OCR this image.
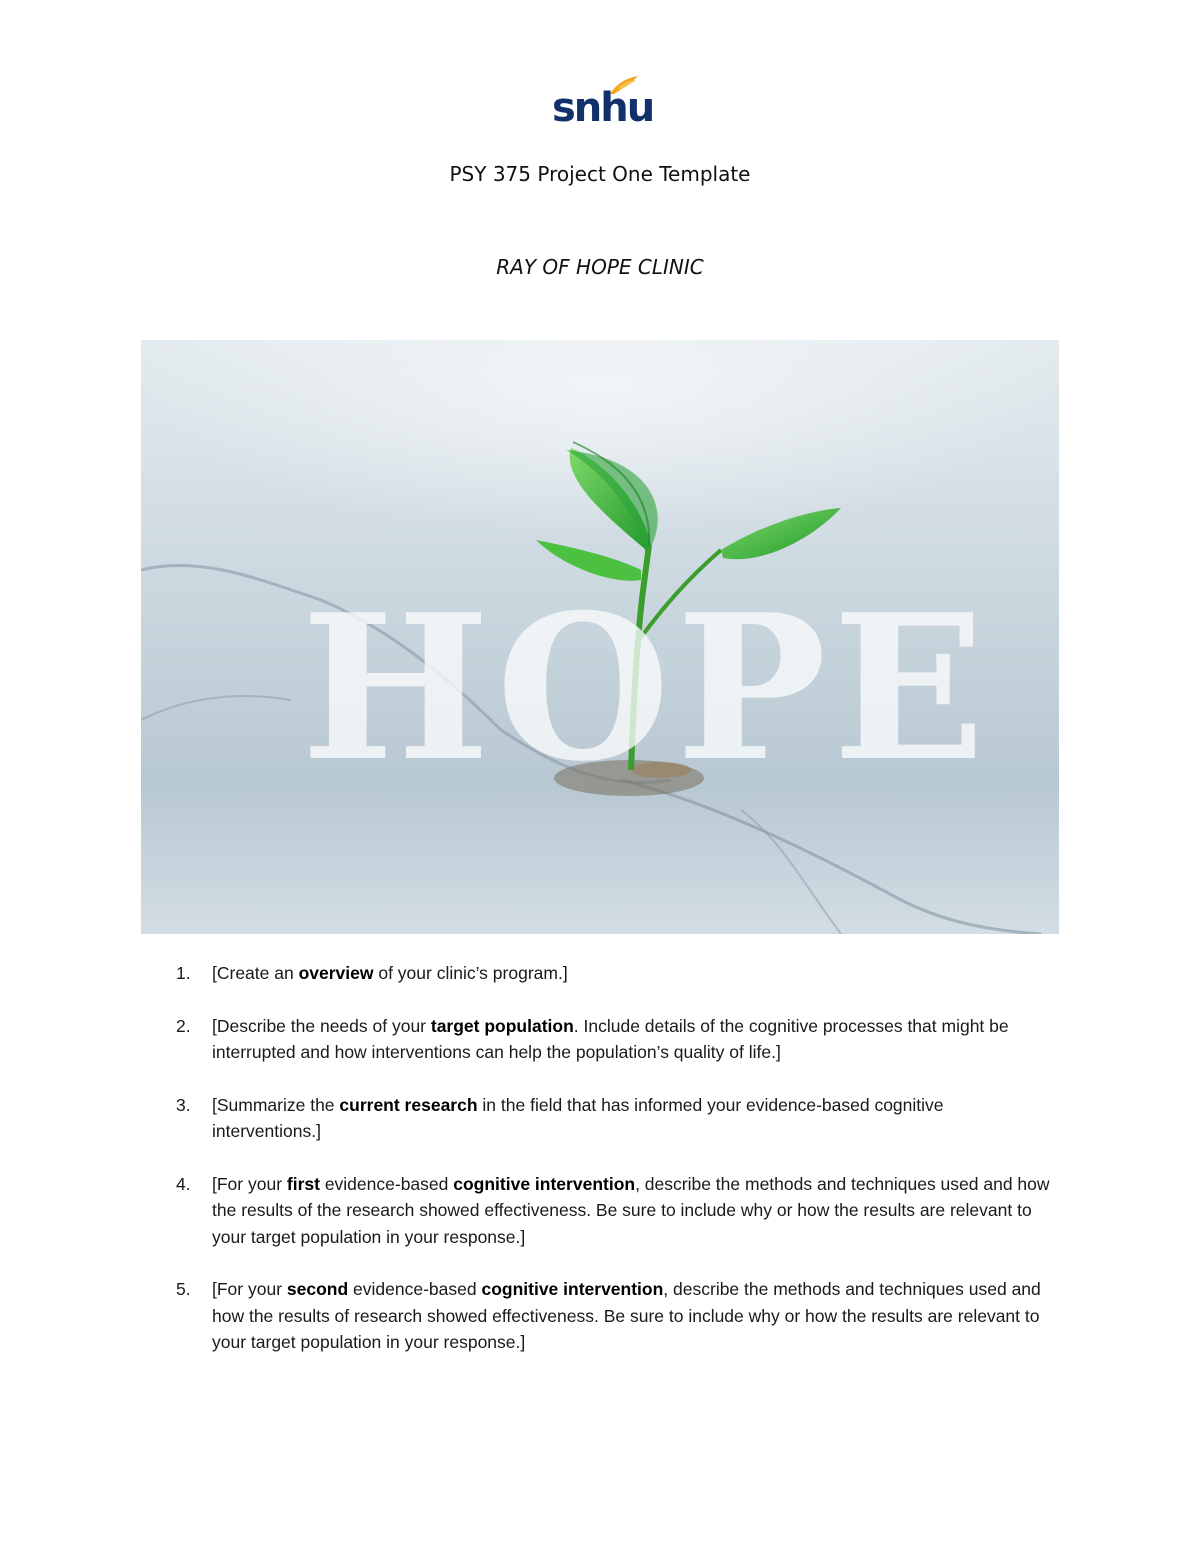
snhu
PSY 375 Project One Template
RAY OF HOPE CLINIC
HOPE
1. [Create an overview of your clinic’s program.]
2. [Describe the needs of your target population. Include details of the cognitive processes that might be interrupted and how interventions can help the population’s quality of life.]
3. [Summarize the current research in the field that has informed your evidence-based cognitive interventions.]
4. [For your first evidence-based cognitive intervention, describe the methods and techniques used and how the results of the research showed effectiveness. Be sure to include why or how the results are relevant to your target population in your response.]
5. [For your second evidence-based cognitive intervention, describe the methods and techniques used and how the results of research showed effectiveness. Be sure to include why or how the results are relevant to your target population in your response.]
